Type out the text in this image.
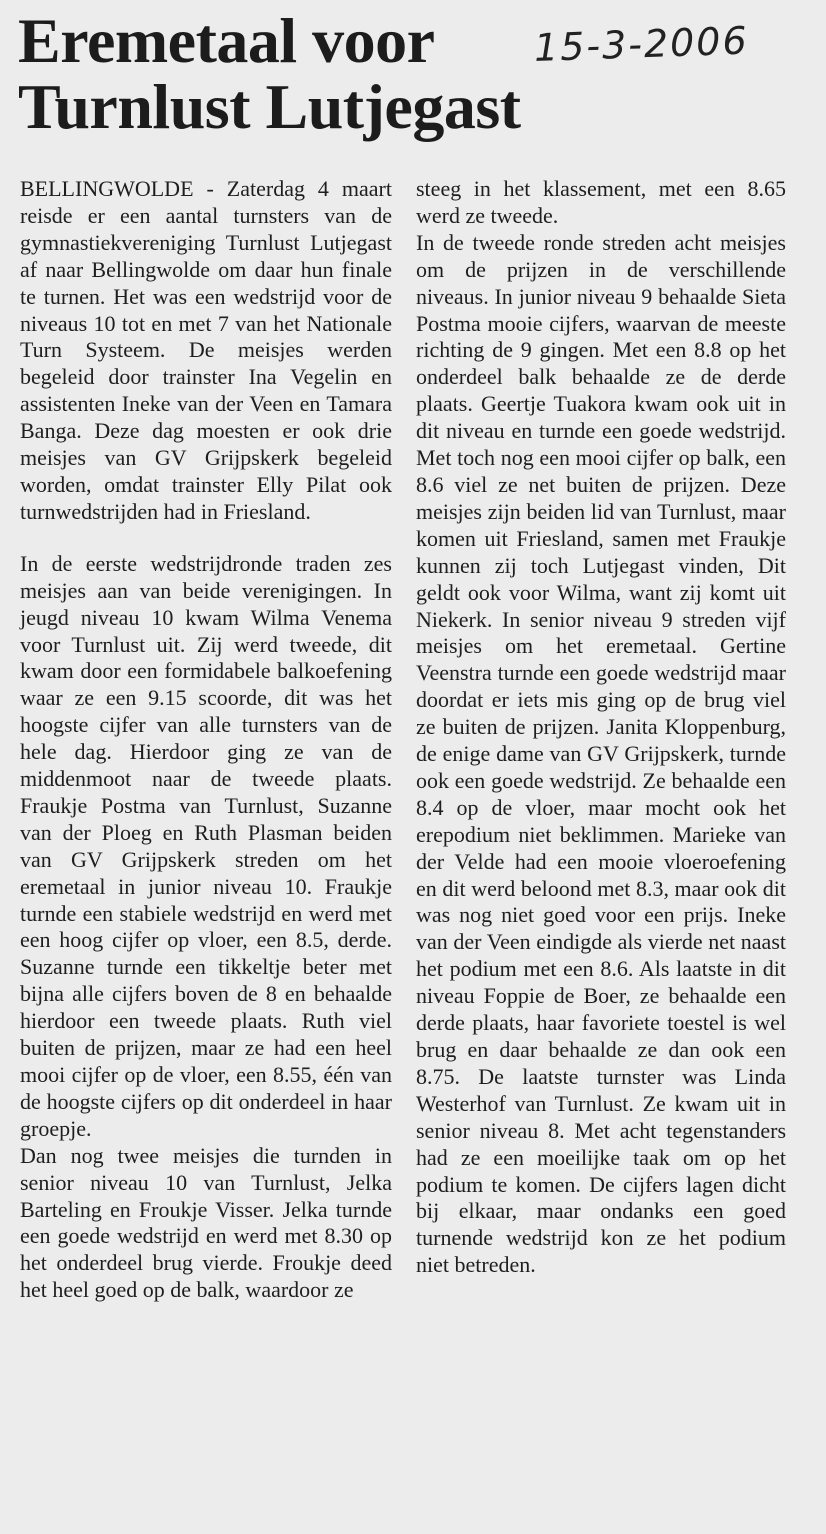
Eremetaal voor
Turnlust Lutjegast
15-3-2006

BELLINGWOLDE - Zaterdag 4 maart reisde er een aantal turnsters van de gymnastiekvereniging Turnlust Lutjegast af naar Bellingwolde om daar hun finale te turnen. Het was een wedstrijd voor de niveaus 10 tot en met 7 van het Nationale Turn Systeem. De meisjes werden begeleid door trainster Ina Vegelin en assistenten Ineke van der Veen en Tamara Banga. Deze dag moesten er ook drie meisjes van GV Grijpskerk begeleid worden, omdat trainster Elly Pilat ook turnwedstrijden had in Friesland.

In de eerste wedstrijdronde traden zes meisjes aan van beide verenigingen. In jeugd niveau 10 kwam Wilma Venema voor Turnlust uit. Zij werd tweede, dit kwam door een formidabele balkoefening waar ze een 9.15 scoorde, dit was het hoogste cijfer van alle turnsters van de hele dag. Hierdoor ging ze van de middenmoot naar de tweede plaats. Fraukje Postma van Turnlust, Suzanne van der Ploeg en Ruth Plasman beiden van GV Grijpskerk streden om het eremetaal in junior niveau 10. Fraukje turnde een stabiele wedstrijd en werd met een hoog cijfer op vloer, een 8.5, derde. Suzanne turnde een tikkeltje beter met bijna alle cijfers boven de 8 en behaalde hierdoor een tweede plaats. Ruth viel buiten de prijzen, maar ze had een heel mooi cijfer op de vloer, een 8.55, één van de hoogste cijfers op dit onderdeel in haar groepje.

Dan nog twee meisjes die turnden in senior niveau 10 van Turnlust, Jelka Barteling en Froukje Visser. Jelka turnde een goede wedstrijd en werd met 8.30 op het onderdeel brug vierde. Froukje deed het heel goed op de balk, waardoor ze

steeg in het klassement, met een 8.65 werd ze tweede.

In de tweede ronde streden acht meisjes om de prijzen in de verschillende niveaus. In junior niveau 9 behaalde Sieta Postma mooie cijfers, waarvan de meeste richting de 9 gingen. Met een 8.8 op het onderdeel balk behaalde ze de derde plaats. Geertje Tuakora kwam ook uit in dit niveau en turnde een goede wedstrijd. Met toch nog een mooi cijfer op balk, een 8.6 viel ze net buiten de prijzen. Deze meisjes zijn beiden lid van Turnlust, maar komen uit Friesland, samen met Fraukje kunnen zij toch Lutjegast vinden, Dit geldt ook voor Wilma, want zij komt uit Niekerk. In senior niveau 9 streden vijf meisjes om het eremetaal. Gertine Veenstra turnde een goede wedstrijd maar doordat er iets mis ging op de brug viel ze buiten de prijzen. Janita Kloppenburg, de enige dame van GV Grijpskerk, turnde ook een goede wedstrijd. Ze behaalde een 8.4 op de vloer, maar mocht ook het erepodium niet beklimmen. Marieke van der Velde had een mooie vloeroefening en dit werd beloond met 8.3, maar ook dit was nog niet goed voor een prijs. Ineke van der Veen eindigde als vierde net naast het podium met een 8.6. Als laatste in dit niveau Foppie de Boer, ze behaalde een derde plaats, haar favoriete toestel is wel brug en daar behaalde ze dan ook een 8.75. De laatste turnster was Linda Westerhof van Turnlust. Ze kwam uit in senior niveau 8. Met acht tegenstanders had ze een moeilijke taak om op het podium te komen. De cijfers lagen dicht bij elkaar, maar ondanks een goed turnende wedstrijd kon ze het podium niet betreden.
